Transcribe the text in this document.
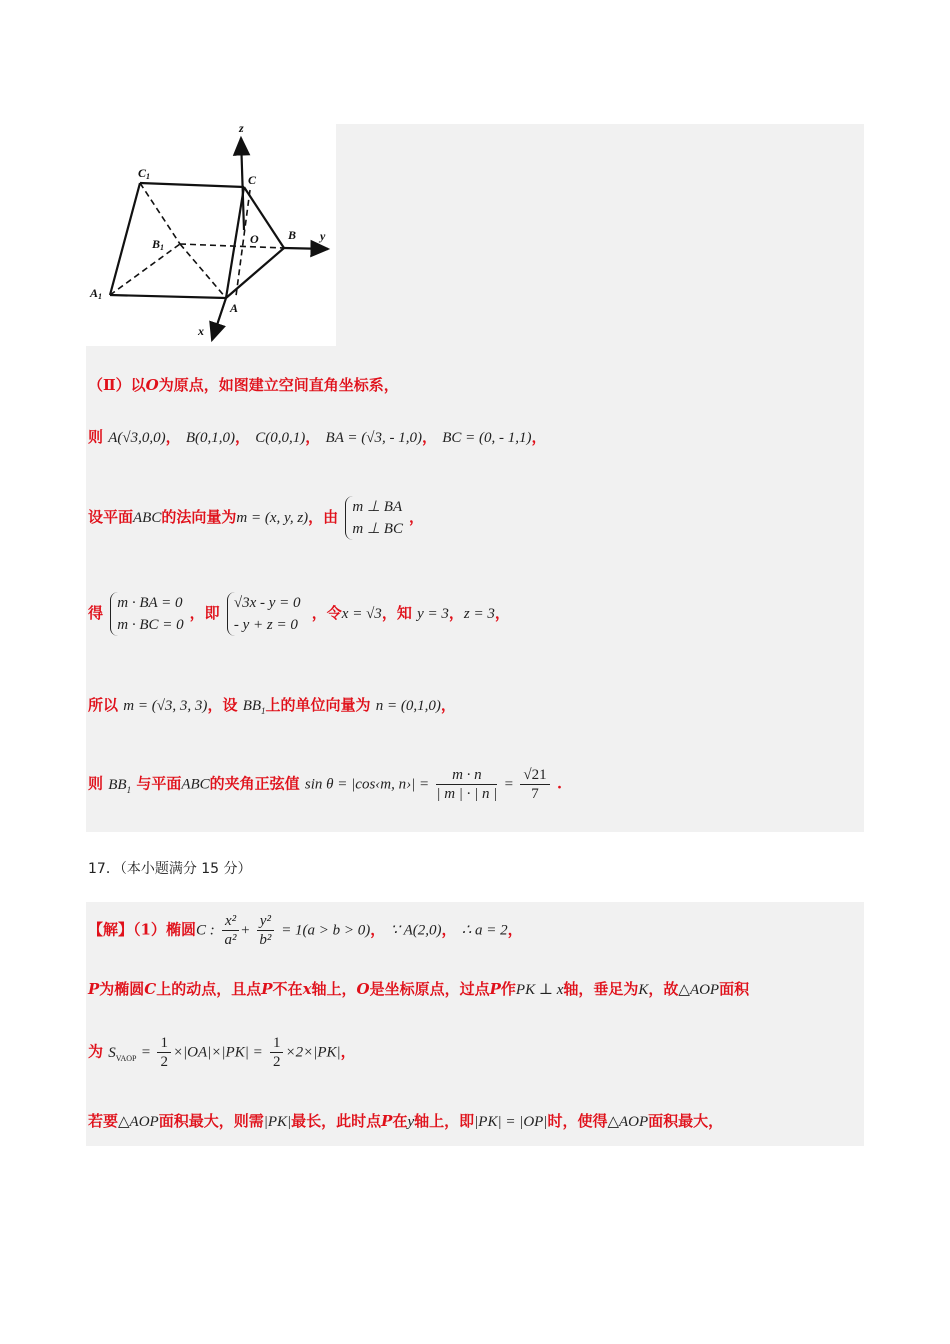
z
y
x
C1	C
B1
O B
A1
A
（Ⅱ）以O为原点，如图建立空间直角坐标系，
则 A(√3,0,0)， B(0,1,0)， C(0,0,1)， BA = (√3, - 1,0)， BC = (0, - 1,1)，
设平面ABC的法向量为m = (x, y, z)，由
m ⊥ BA
m ⊥ BC
，
得
m · BA = 0
m · BC = 0
，即
√3x - y = 0
- y + z = 0
，令x = √3，知 y = 3，z = 3，
所以 m = (√3, 3, 3)，设 $BB_1$上的单位向量为 n = (0,1,0)，
则 $BB_1$ 与平面ABC的夹角正弦值 sin θ = |cos‹m, n›| = $\frac{m \cdot n}{| m | \cdot | n |} = \frac{√21}{7}$ .
17．（本小题满分 15 分）
【解】（1）椭圆C : $\frac{\text{x²}}{\text{a²}} + \frac{\text{y²}}{\text{b²}} = 1(a > b > 0)$， ∵ A(2,0)， ∴ a = 2，
P为椭圆C上的动点，且点P不在x轴上，O是坐标原点，过点P作PK ⊥ x轴，垂足为K，故△AOP面积
为 $S_{VAOP} = \frac{1}{2} \times|OA|\times|PK| = \frac{1}{2} \times 2\times|PK|$，
若要△AOP面积最大，则需|PK|最长，此时点P在y轴上，即|PK| = |OP|时，使得△AOP面积最大，
